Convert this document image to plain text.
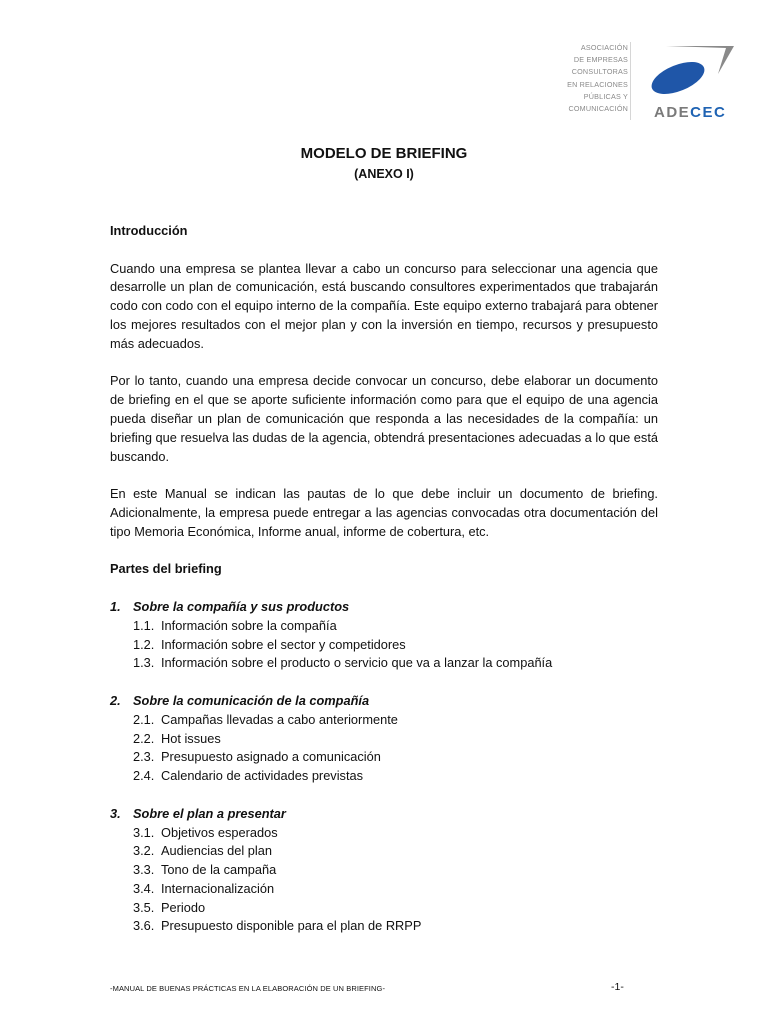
ASOCIACIÓN
DE EMPRESAS
CONSULTORAS
EN RELACIONES
PÚBLICAS Y
COMUNICACIÓN ADECEC
MODELO DE BRIEFING
(ANEXO I)

Introducción

Cuando una empresa se plantea llevar a cabo un concurso para seleccionar una agencia que desarrolle un plan de comunicación, está buscando consultores experimentados que trabajarán codo con codo con el equipo interno de la compañía. Este equipo externo trabajará para obtener los mejores resultados con el mejor plan y con la inversión en tiempo, recursos y presupuesto más adecuados.

Por lo tanto, cuando una empresa decide convocar un concurso, debe elaborar un documento de briefing en el que se aporte suficiente información como para que el equipo de una agencia pueda diseñar un plan de comunicación que responda a las necesidades de la compañía: un briefing que resuelva las dudas de la agencia, obtendrá presentaciones adecuadas a lo que está buscando.

En este Manual se indican las pautas de lo que debe incluir un documento de briefing. Adicionalmente, la empresa puede entregar a las agencias convocadas otra documentación del tipo Memoria Económica, Informe anual, informe de cobertura, etc.

Partes del briefing

1. Sobre la compañía y sus productos

1.1. Información sobre la compañía

1.2. Información sobre el sector y competidores

1.3. Información sobre el producto o servicio que va a lanzar la compañía

2. Sobre la comunicación de la compañía

2.1. Campañas llevadas a cabo anteriormente

2.2. Hot issues

2.3. Presupuesto asignado a comunicación

2.4. Calendario de actividades previstas

3. Sobre el plan a presentar

3.1. Objetivos esperados

3.2. Audiencias del plan

3.3. Tono de la campaña

3.4. Internacionalización

3.5. Periodo

3.6. Presupuesto disponible para el plan de RRPP

-MANUAL DE BUENAS PRÁCTICAS EN LA ELABORACIÓN DE UN BRIEFING-	-1-
